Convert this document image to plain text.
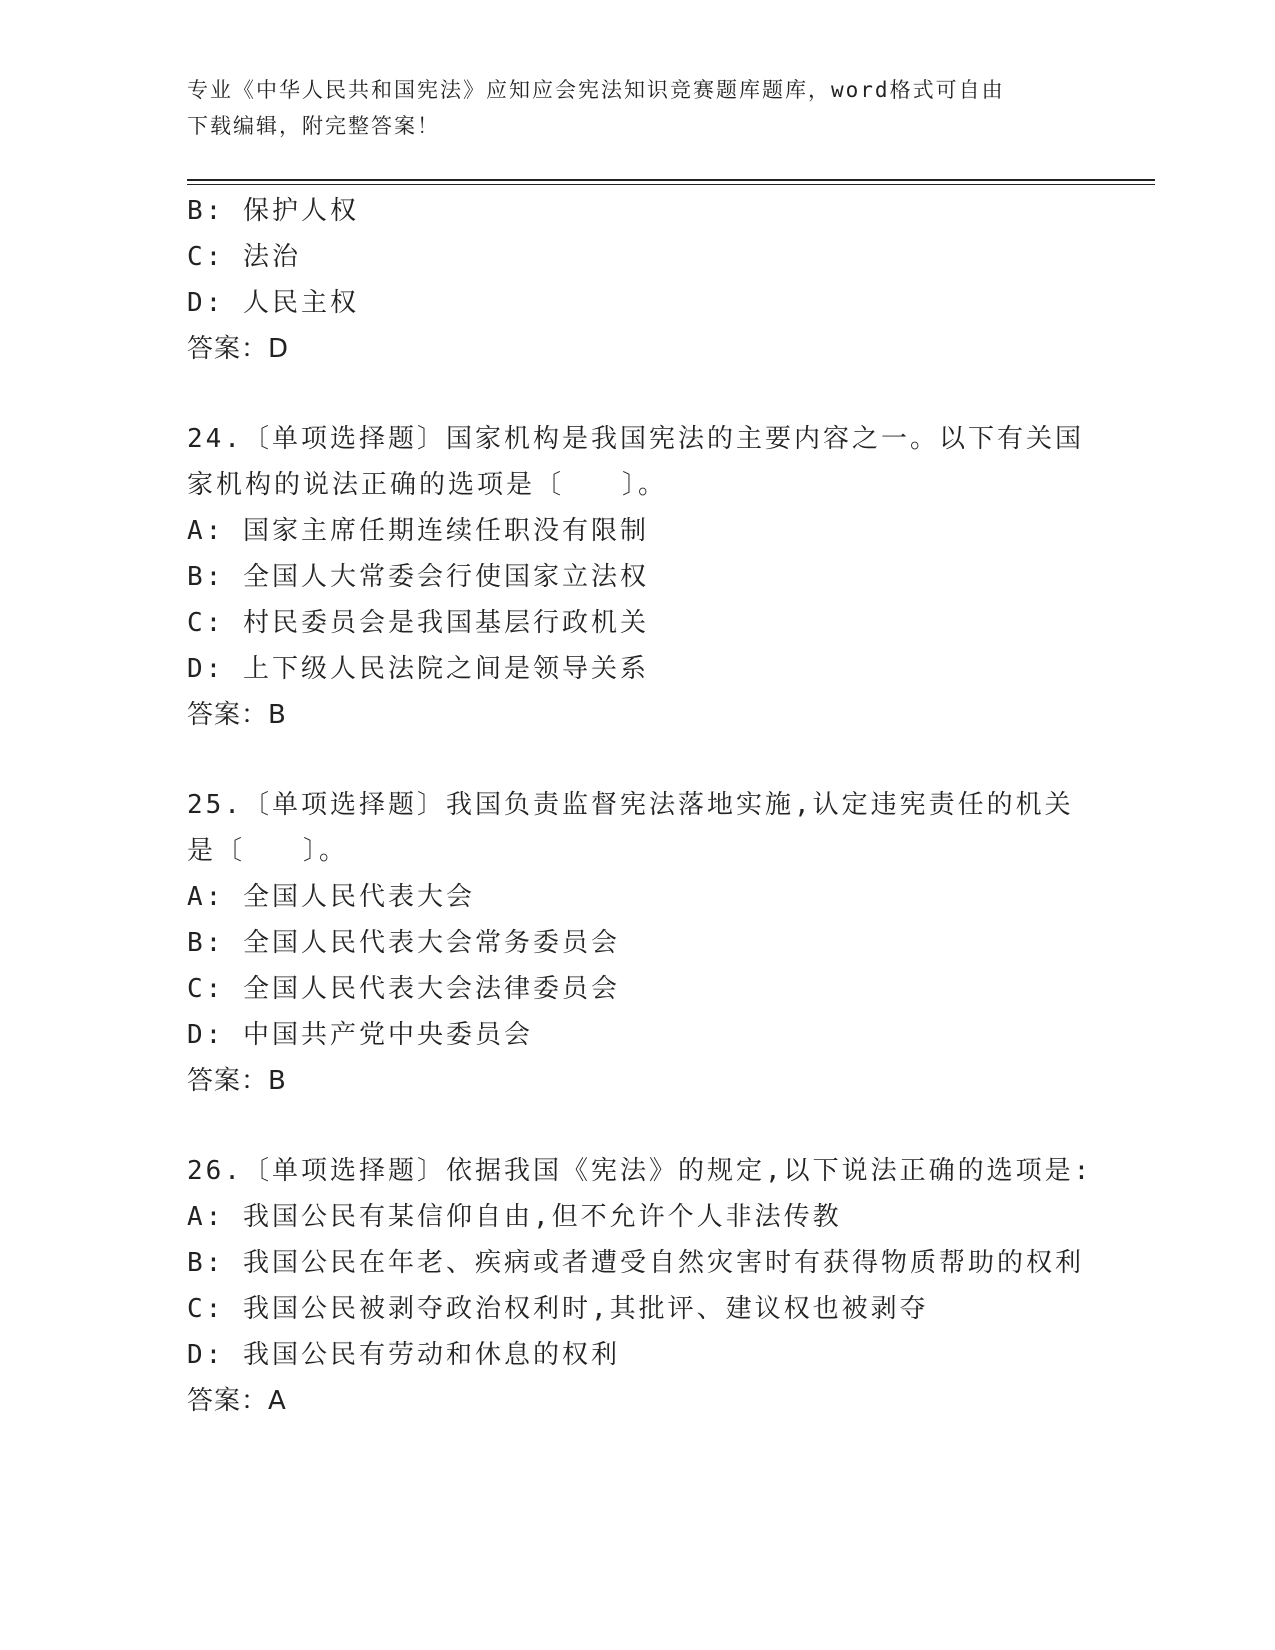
专业《中华人民共和国宪法》应知应会宪法知识竞赛题库题库，word格式可自由
下载编辑，附完整答案！
B: 保护人权
C: 法治
D: 人民主权
答案：D
24.〔单项选择题〕国家机构是我国宪法的主要内容之一。以下有关国
家机构的说法正确的选项是〔　　〕。
A: 国家主席任期连续任职没有限制
B: 全国人大常委会行使国家立法权
C: 村民委员会是我国基层行政机关
D: 上下级人民法院之间是领导关系
答案：B
25.〔单项选择题〕我国负责监督宪法落地实施,认定违宪责任的机关
是〔　　〕。
A: 全国人民代表大会
B: 全国人民代表大会常务委员会
C: 全国人民代表大会法律委员会
D: 中国共产党中央委员会
答案：B
26.〔单项选择题〕依据我国《宪法》的规定,以下说法正确的选项是:
A: 我国公民有某信仰自由,但不允许个人非法传教
B: 我国公民在年老、疾病或者遭受自然灾害时有获得物质帮助的权利
C: 我国公民被剥夺政治权利时,其批评、建议权也被剥夺
D: 我国公民有劳动和休息的权利
答案：A
